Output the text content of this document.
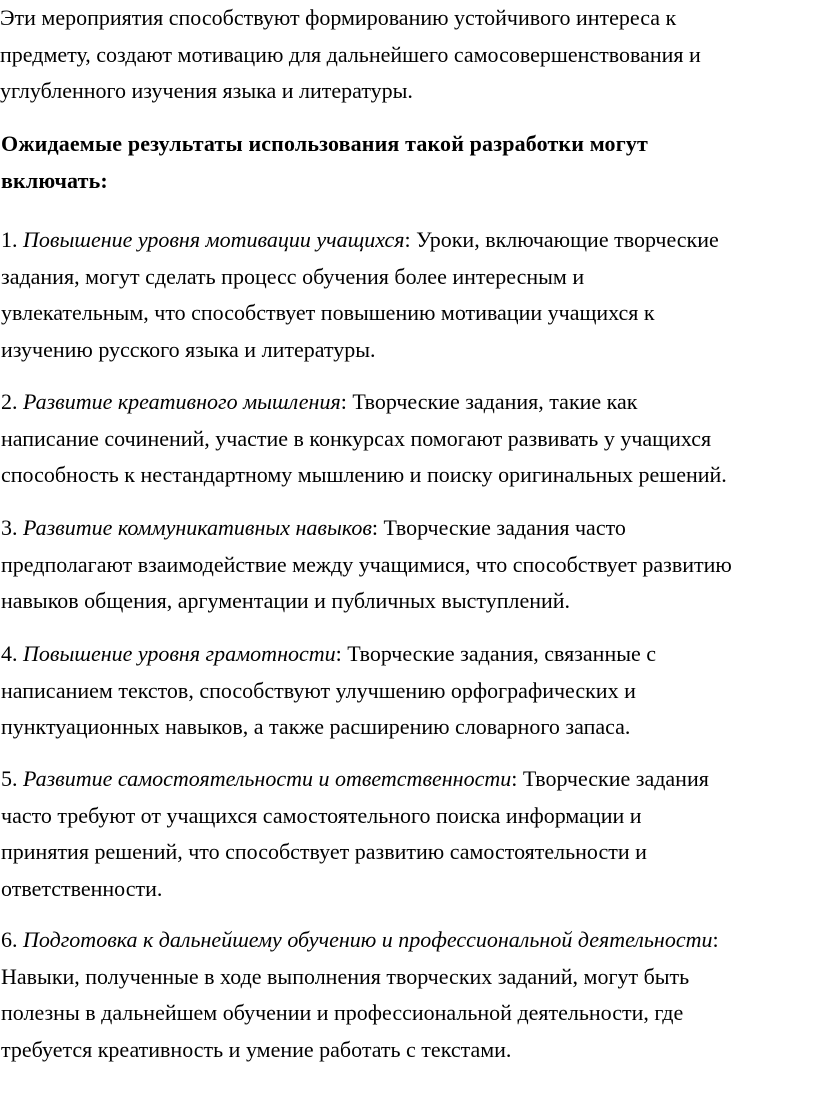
Эти мероприятия способствуют формированию устойчивого интереса к
предмету, создают мотивацию для дальнейшего самосовершенствования и
углубленного изучения языка и литературы.
Ожидаемые результаты использования такой разработки могут
включать:
1. Повышение уровня мотивации учащихся: Уроки, включающие творческие
задания, могут сделать процесс обучения более интересным и
увлекательным, что способствует повышению мотивации учащихся к
изучению русского языка и литературы.
2. Развитие креативного мышления: Творческие задания, такие как
написание сочинений, участие в конкурсах помогают развивать у учащихся
способность к нестандартному мышлению и поиску оригинальных решений.
3. Развитие коммуникативных навыков: Творческие задания часто
предполагают взаимодействие между учащимися, что способствует развитию
навыков общения, аргументации и публичных выступлений.
4. Повышение уровня грамотности: Творческие задания, связанные с
написанием текстов, способствуют улучшению орфографических и
пунктуационных навыков, а также расширению словарного запаса.
5. Развитие самостоятельности и ответственности: Творческие задания
часто требуют от учащихся самостоятельного поиска информации и
принятия решений, что способствует развитию самостоятельности и
ответственности.
6. Подготовка к дальнейшему обучению и профессиональной деятельности:
Навыки, полученные в ходе выполнения творческих заданий, могут быть
полезны в дальнейшем обучении и профессиональной деятельности, где
требуется креативность и умение работать с текстами.
